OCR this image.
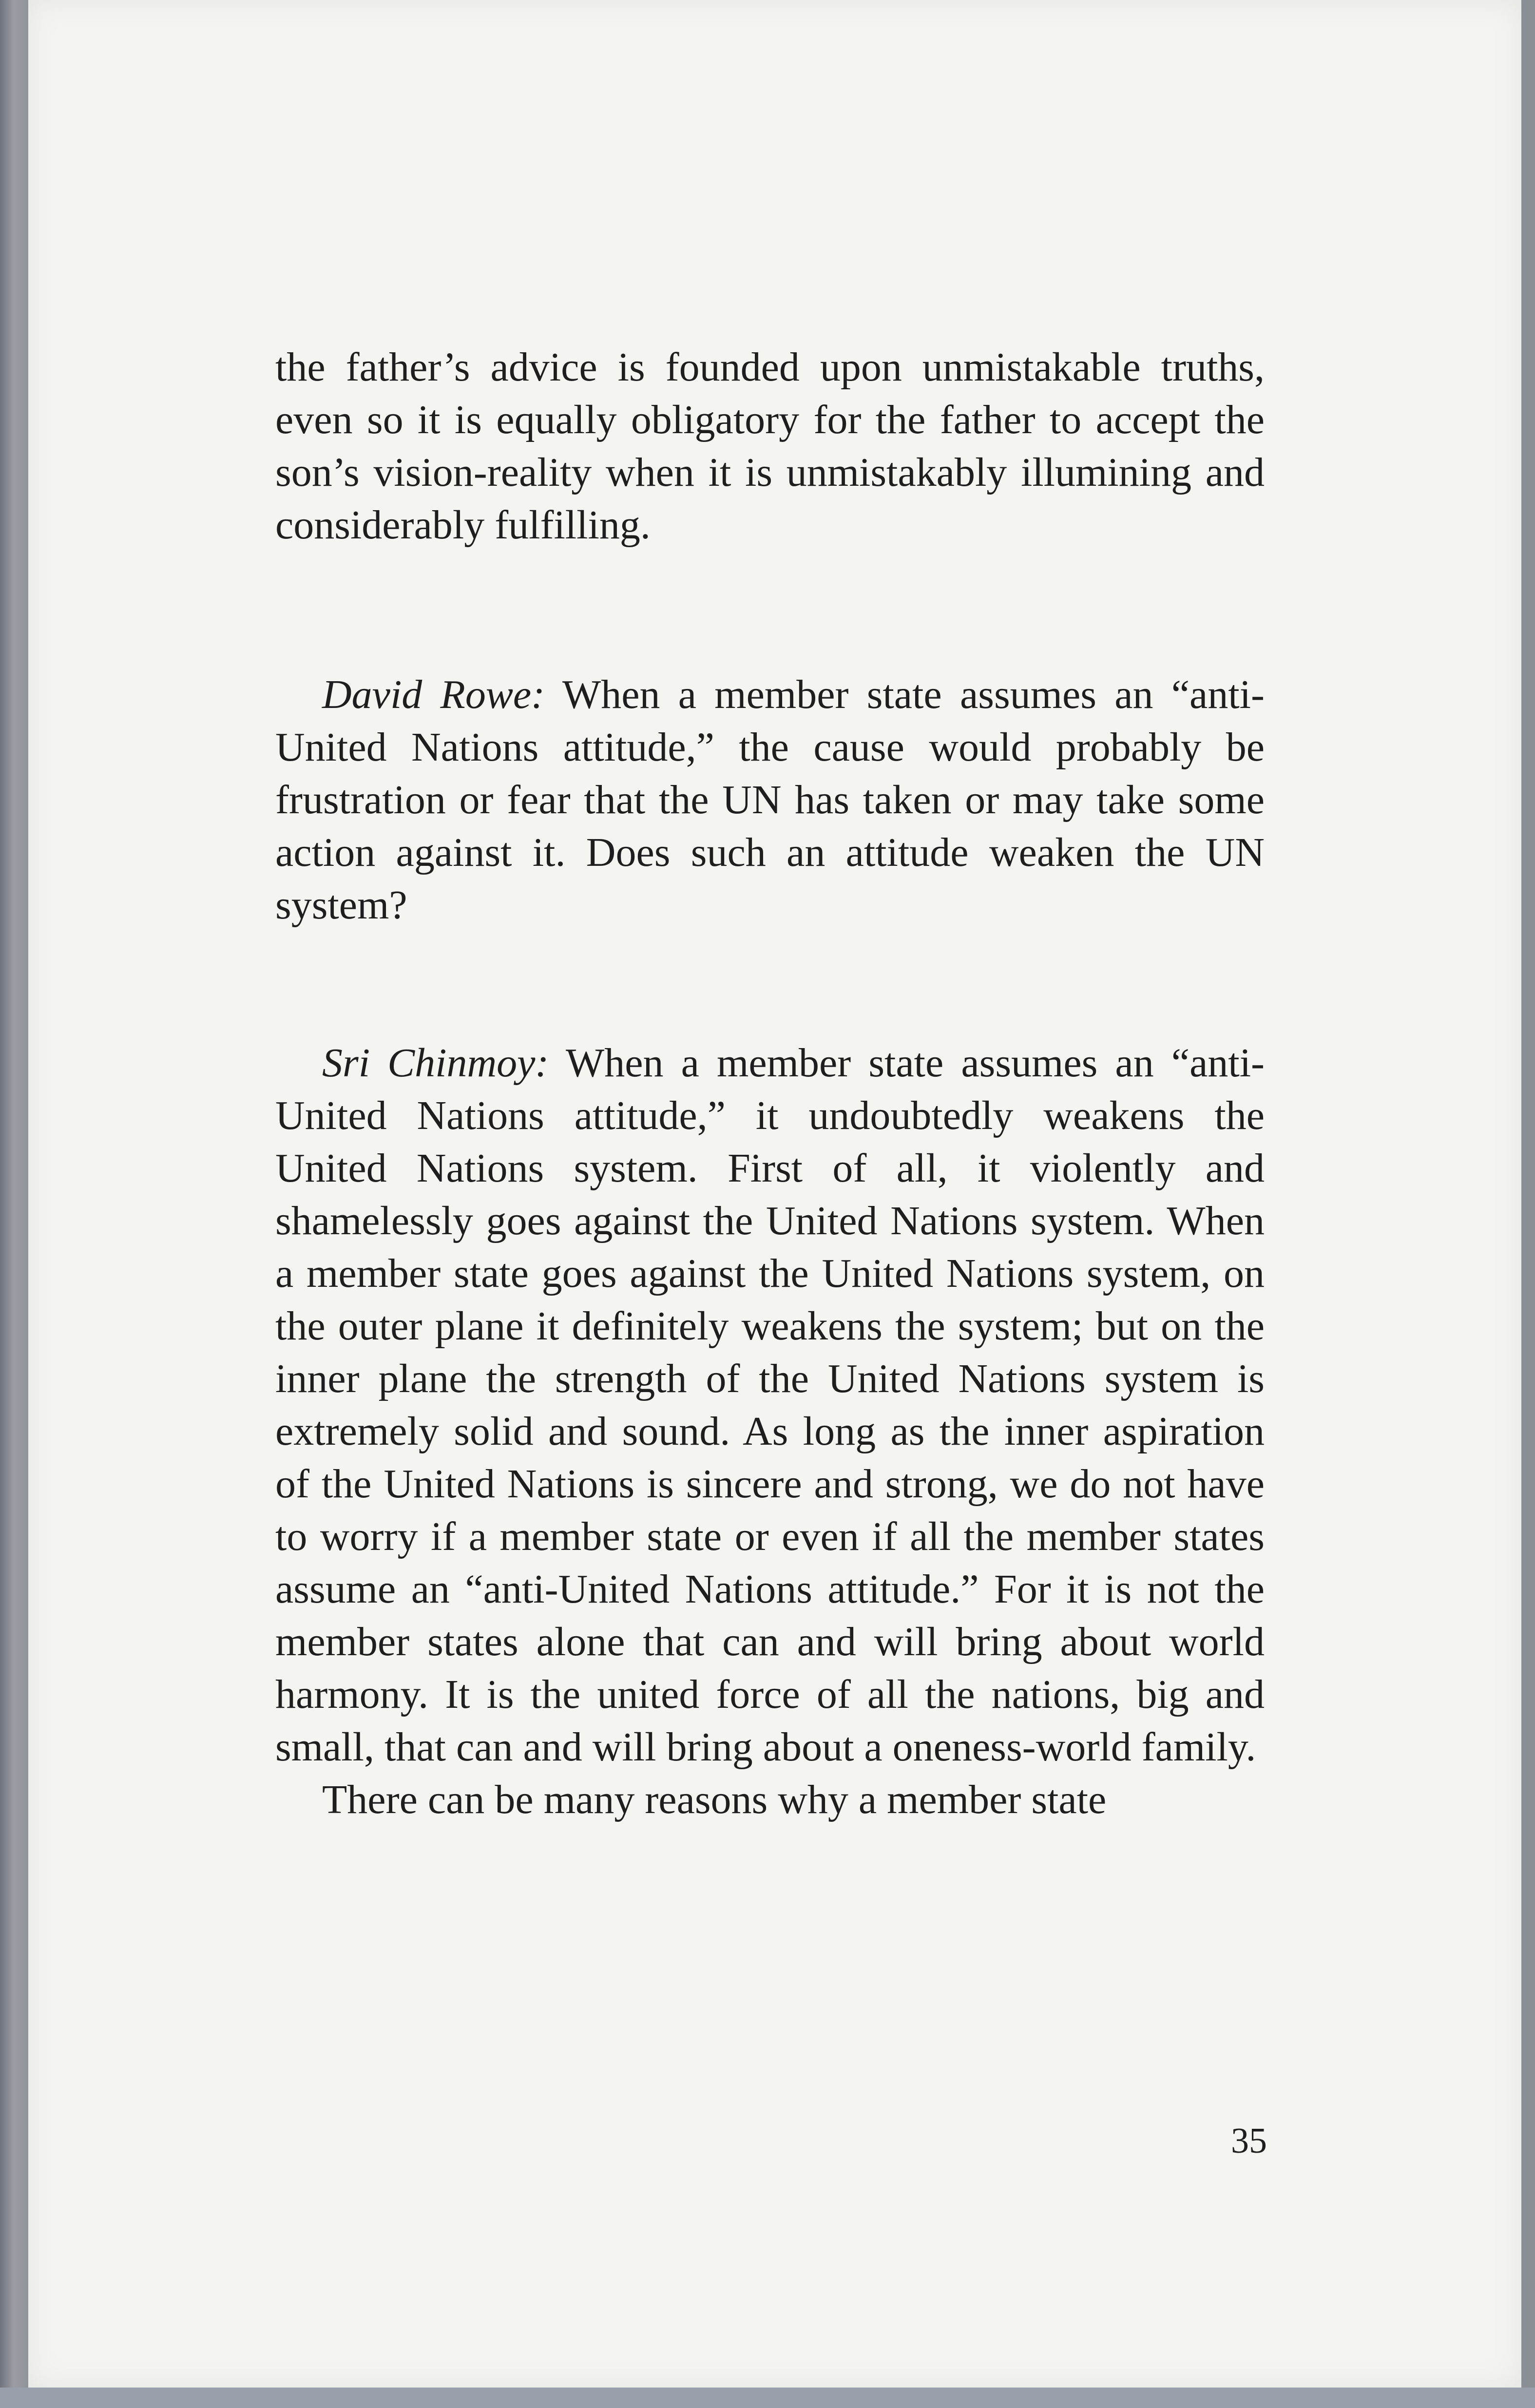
the father’s advice is founded upon unmistakable truths, even so it is equally obligatory for the father to accept the son’s vision-reality when it is unmistakably illumining and considerably fulfilling.

David Rowe: When a member state assumes an “anti-United Nations attitude,” the cause would probably be frustration or fear that the UN has taken or may take some action against it. Does such an attitude weaken the UN system?

Sri Chinmoy: When a member state assumes an “anti-United Nations attitude,” it undoubtedly weakens the United Nations system. First of all, it violently and shamelessly goes against the United Nations system. When a member state goes against the United Nations system, on the outer plane it definitely weakens the system; but on the inner plane the strength of the United Nations system is extremely solid and sound. As long as the inner aspiration of the United Nations is sincere and strong, we do not have to worry if a member state or even if all the member states assume an “anti-United Nations attitude.” For it is not the member states alone that can and will bring about world harmony. It is the united force of all the nations, big and small, that can and will bring about a oneness-world family.

There can be many reasons why a member state

35
